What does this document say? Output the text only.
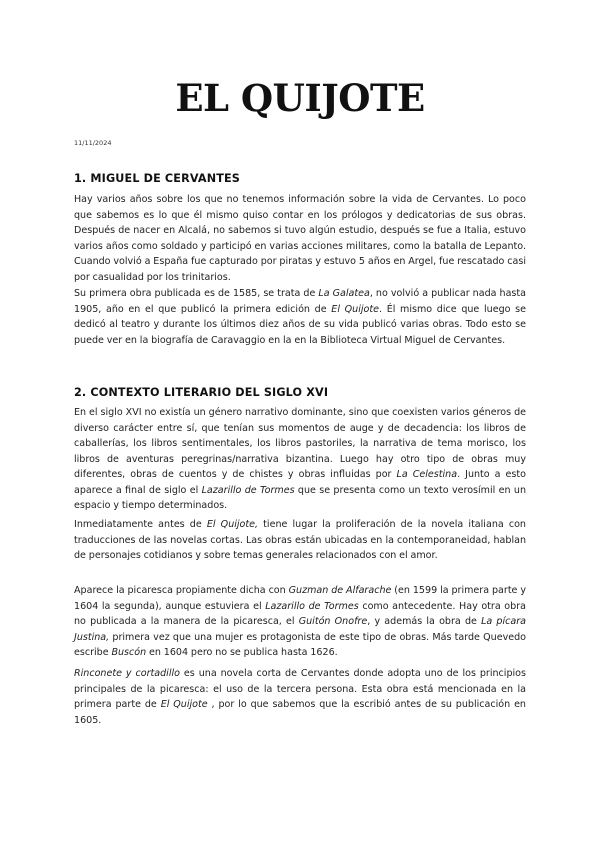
EL QUIJOTE
11/11/2024
1. MIGUEL DE CERVANTES
Hay varios años sobre los que no tenemos información sobre la vida de Cervantes. Lo poco que sabemos es lo que él mismo quiso contar en los prólogos y dedicatorias de sus obras. Después de nacer en Alcalá, no sabemos si tuvo algún estudio, después se fue a Italia, estuvo varios años como soldado y participó en varias acciones militares, como la batalla de Lepanto. Cuando volvió a España fue capturado por piratas y estuvo 5 años en Argel, fue rescatado casi por casualidad por los trinitarios.
Su primera obra publicada es de 1585, se trata de La Galatea, no volvió a publicar nada hasta 1905, año en el que publicó la primera edición de El Quijote. Él mismo dice que luego se dedicó al teatro y durante los últimos diez años de su vida publicó varias obras. Todo esto se puede ver en la biografía de Caravaggio en la en la Biblioteca Virtual Miguel de Cervantes.
2. CONTEXTO LITERARIO DEL SIGLO XVI
En el siglo XVI no existía un género narrativo dominante, sino que coexisten varios géneros de diverso carácter entre sí, que tenían sus momentos de auge y de decadencia: los libros de caballerías, los libros sentimentales, los libros pastoriles, la narrativa de tema morisco, los libros de aventuras peregrinas/narrativa bizantina. Luego hay otro tipo de obras muy diferentes, obras de cuentos y de chistes y obras influidas por La Celestina. Junto a esto aparece a final de siglo el Lazarillo de Tormes que se presenta como un texto verosímil en un espacio y tiempo determinados.
Inmediatamente antes de El Quijote, tiene lugar la proliferación de la novela italiana con traducciones de las novelas cortas. Las obras están ubicadas en la contemporaneidad, hablan de personajes cotidianos y sobre temas generales relacionados con el amor.
Aparece la picaresca propiamente dicha con Guzman de Alfarache (en 1599 la primera parte y 1604 la segunda), aunque estuviera el Lazarillo de Tormes como antecedente. Hay otra obra no publicada a la manera de la picaresca, el Guitón Onofre, y además la obra de La pícara Justina, primera vez que una mujer es protagonista de este tipo de obras. Más tarde Quevedo escribe Buscón en 1604 pero no se publica hasta 1626.
Rinconete y cortadillo es una novela corta de Cervantes donde adopta uno de los principios principales de la picaresca: el uso de la tercera persona. Esta obra está mencionada en la primera parte de El Quijote , por lo que sabemos que la escribió antes de su publicación en 1605.
